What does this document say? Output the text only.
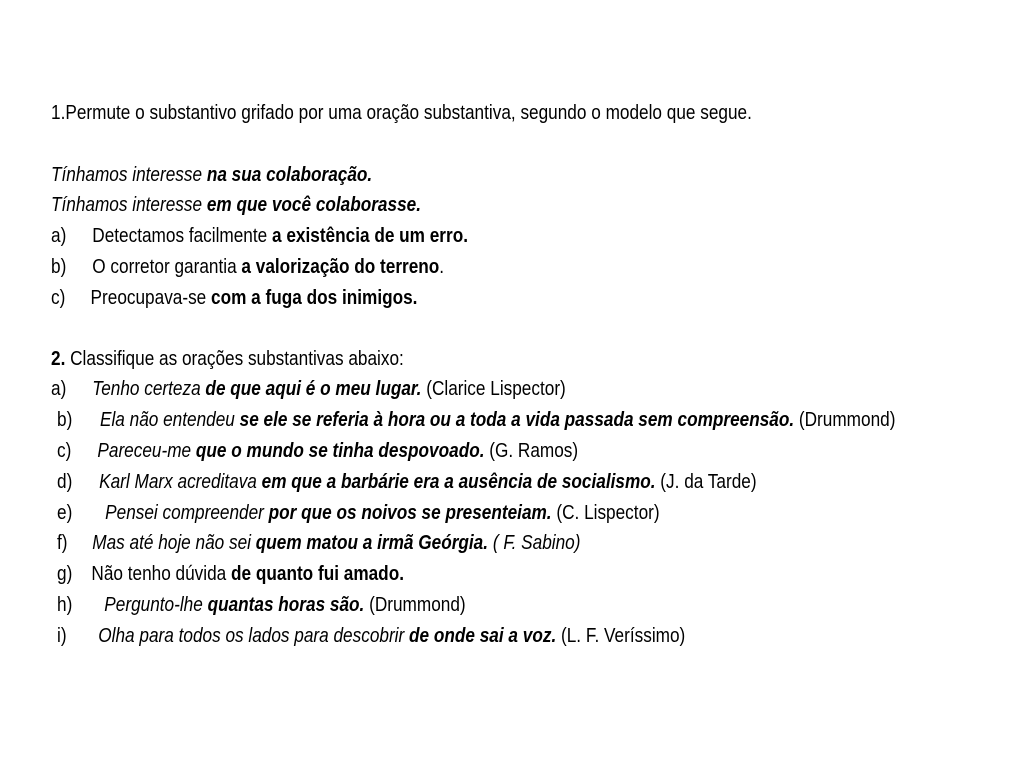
1.Permute o substantivo grifado por uma oração substantiva, segundo o modelo que segue.
Tínhamos interesse na sua colaboração.
Tínhamos interesse em que você colaborasse.
a) Detectamos facilmente a existência de um erro.
b) O corretor garantia a valorização do terreno.
c) Preocupava-se com a fuga dos inimigos.
2. Classifique as orações substantivas abaixo:
a) Tenho certeza de que aqui é o meu lugar. (Clarice Lispector)
b) Ela não entendeu se ele se referia à hora ou a toda a vida passada sem compreensão. (Drummond)
c) Pareceu-me que o mundo se tinha despovoado. (G. Ramos)
d) Karl Marx acreditava em que a barbárie era a ausência de socialismo. (J. da Tarde)
e) Pensei compreender por que os noivos se presenteiam. (C. Lispector)
f) Mas até hoje não sei quem matou a irmã Geórgia. ( F. Sabino)
g) Não tenho dúvida de quanto fui amado.
h) Pergunto-lhe quantas horas são. (Drummond)
i) Olha para todos os lados para descobrir de onde sai a voz. (L. F. Veríssimo)
